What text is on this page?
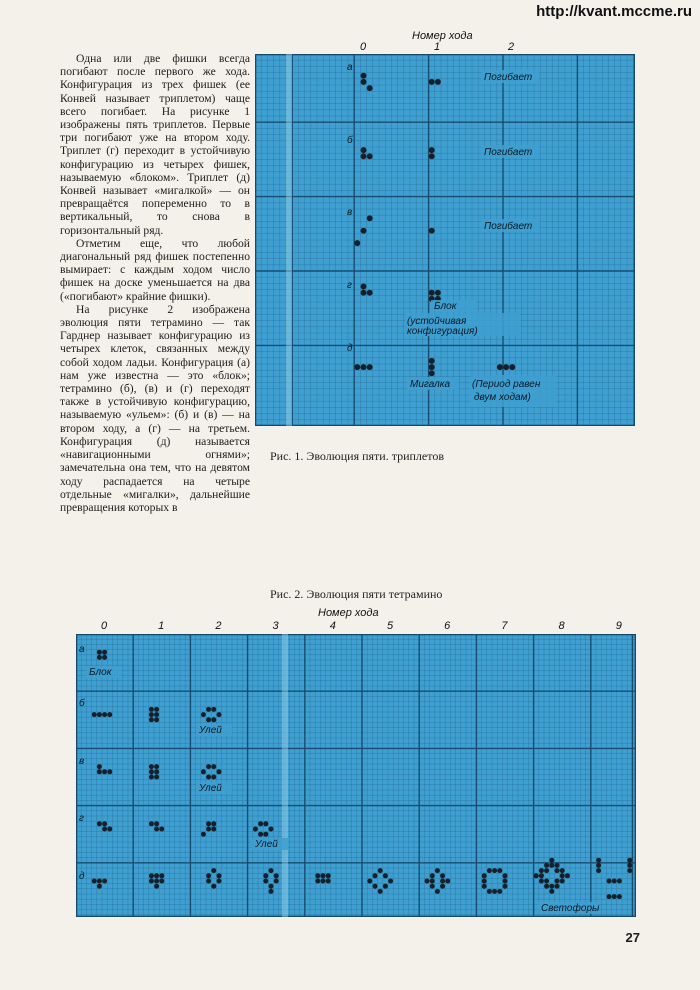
http://kvant.mccme.ru

Одна или две фишки всегда погибают после первого же хода. Конфигурация из трех фишек (ее Конвей называет триплетом) чаще всего погибает. На рисунке 1 изображены пять триплетов. Первые три погибают уже на втором ходу. Триплет (г) переходит в устойчивую конфигурацию из четырех фишек, называемую «блоком». Триплет (д) Конвей называет «мигалкой» — он превращаётся попеременно то в вертикальный, то снова в горизонтальный ряд.

Отметим еще, что любой диагональный ряд фишек постепенно вымирает: с каждым ходом число фишек на доске уменьшается на два («погибают» крайние фишки).

На рисунке 2 изображена эволюция пяти тетрамино — так Гарднер называет конфигурацию из четырех клеток, связанных между собой ходом ладьи. Конфигурация (а) нам уже известна — это «блок»; тетрамино (б), (в) и (г) переходят также в устойчивую конфигурацию, называемую «ульем»: (б) и (в) — на втором ходу, а (г) — на третьем. Конфигурация (д) называется «навигационными огнями»; замечательна она тем, что на девятом ходу распадается на четыре отдельные «мигалки», дальнейшие превращения которых в

Номер хода
0	1	2
а
Погибает
б
Погибает
в
Погибает
г
Блок
(устойчивая
конфигурация)
д
Мигалка (Период равен
двум ходам)
Рис. 1. Эволюция пяти. триплетов
Рис. 2. Эволюция пяти тетрамино
Номер хода
0	1	2	3	4	5	6	7	8	9
а
б
в
г
д
Блок
Улей
Улей
Улей
Светофоры
27
